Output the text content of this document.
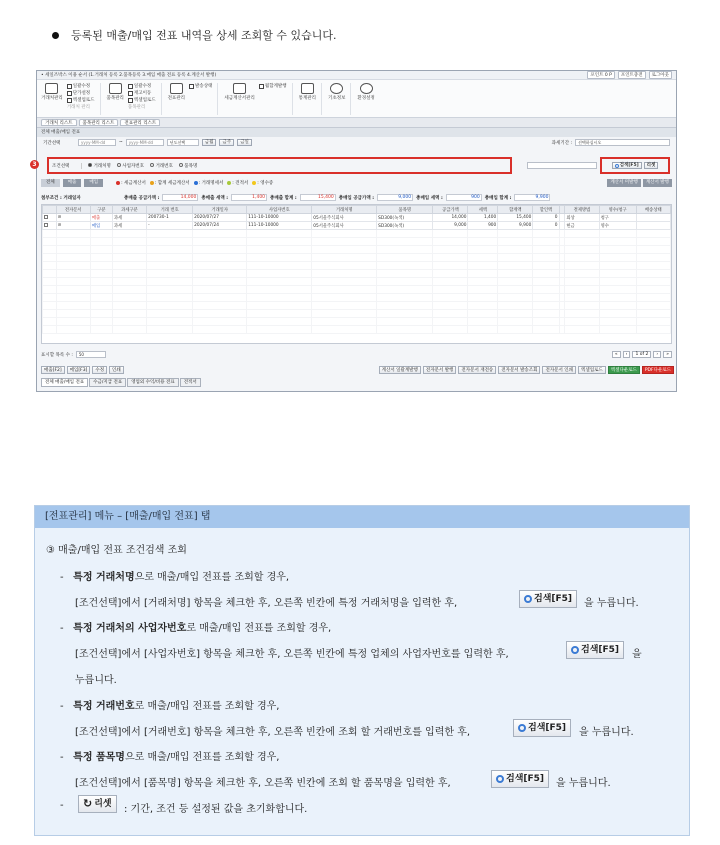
등록된 매출/매입 전표 내역을 상세 조회할 수 있습니다.
• 세일즈박스 이용 순서 (1.거래처 등록 2.품목등록 3.매입 매출 전표 등록 4.계산서 발행)	포인트 0 P	포인트충전	로그아웃
거래처관리
일괄수정
단가설정
엑셀업로드
거래처 관리
품목관리
일괄수정
재고이동
엑셀업로드
품목관리
전표관리
발송상태
세금계산서관리
월합계발행
통계관리	기초정보	환경설정
거래처 리스트	품목관리 리스트	전표관리 리스트
전체 매출/매입 전표
기간선택	yyyy-MM-dd	~	yyyy-MM-dd	년도선택	금월	금주	금일	과세기간 :	선택하십시오
3	조건선택	거래처명	사업자번호	거래번호	품목명	검색[F5]	리셋
전체	매출	매입	: 세금계산서	: 합계 세금계산서	: 거래명세서	: 견적서	: 영수증	계산서 미발행	계산서 발행
첨부조건 : 거래일자	총매출 공급가액 :	14,000	총매출 세액 :	1,400	총매출 합계 :	15,400	총매입 공급가액 :	9,000	총매입 세액 :	900	총매입 합계 :	9,900
	전자문서	구분	과세구분	거래 번호	거래일자	사업자번호	거래처명	품목명	공급가액	세액	합계액	할인액		결제방법	영수/청구	배송상태
	⊘	매출	과세	200730-1	2020/07/27	111-10-10000	05서울주식회사	SD300(녹색)	14,000	1,400	15,400	0		외상	청구	
	⊘	매입	과세	-	2020/07/24	111-10-10000	05서울주식회사	SD300(녹색)	9,000	900	9,900	0		현금	영수	

표시할 목록 수 :	50	«	‹	1 of 2	›	»
매출[F2]	매입[F3]	수정	인쇄	계산서 일괄계발행	전자문서 발행	전자문서 재전송	전자문서 발송조회	전자문서 인쇄	엑셀업로드	엑셀다운로드	PDF다운로드
전체 매출/매입 전표	수금/지급 전표	영업외 수익/비용 전표	견적서
[전표관리] 메뉴 – [매출/매입 전표] 탭
③ 매출/매입 전표 조건검색 조회
-   특정 거래처명으로 매출/매입 전표를 조회할 경우,
[조건선택]에서 [거래처명] 항목을 체크한 후, 오른쪽 빈칸에 특정 거래처명을 입력한 후,	검색[F5] 을 누릅니다.
-   특정 거래처의 사업자번호로 매출/매입 전표를 조회할 경우,
[조건선택]에서 [사업자번호] 항목을 체크한 후, 오른쪽 빈칸에 특정 업체의 사업자번호를 입력한 후,	검색[F5] 을
누릅니다.
-   특정 거래번호로 매출/매입 전표를 조회할 경우,
[조건선택]에서 [거래번호] 항목을 체크한 후, 오른쪽 빈칸에 조회 할 거래번호를 입력한 후,	검색[F5] 을 누릅니다.
-   특정 품목명으로 매출/매입 전표를 조회할 경우,
[조건선택]에서 [품목명] 항목을 체크한 후, 오른쪽 빈칸에 조회 할 품목명을 입력한 후,	검색[F5] 을 누릅니다.
- ↻ 리셋 : 기간, 조건 등 설정된 값을 초기화합니다.
